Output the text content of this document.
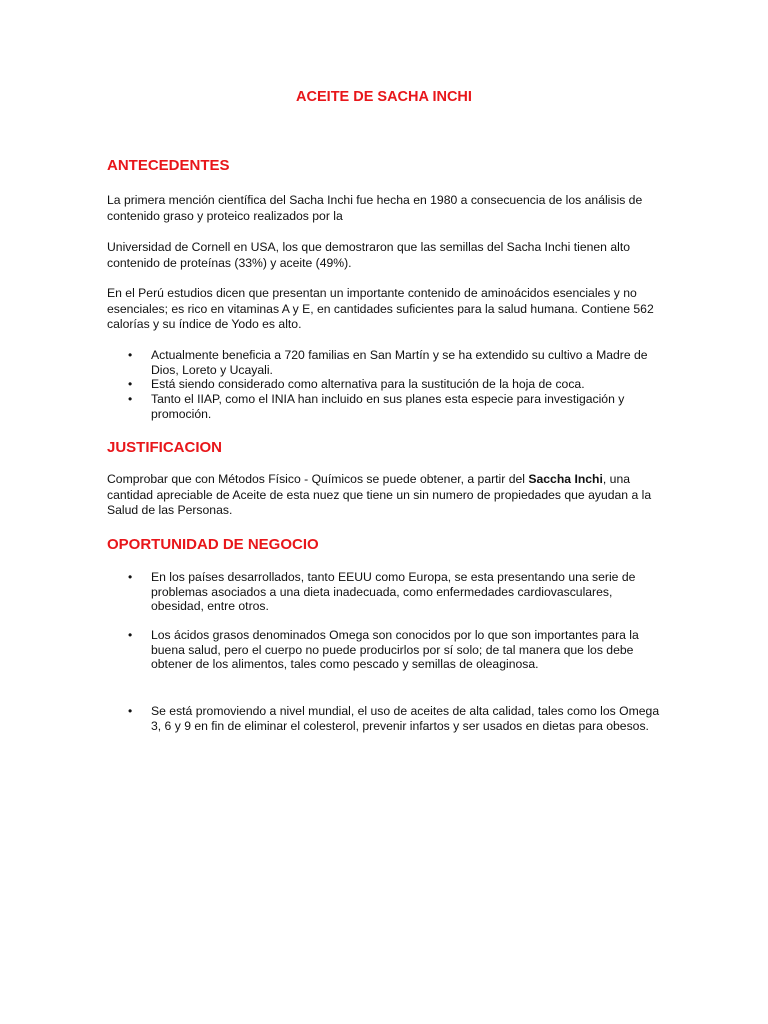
ACEITE DE SACHA INCHI
ANTECEDENTES

La primera mención científica del Sacha Inchi fue hecha en 1980 a consecuencia de los análisis de contenido graso y proteico realizados por la

Universidad de Cornell en USA, los que demostraron que las semillas del Sacha Inchi tienen alto contenido de proteínas (33%) y aceite (49%).

En el Perú estudios dicen que presentan un importante contenido de aminoácidos esenciales y no esenciales; es rico en vitaminas A y E, en cantidades suficientes para la salud humana. Contiene 562 calorías y su índice de Yodo es alto.

• Actualmente beneficia a 720 familias en San Martín y se ha extendido su cultivo a Madre de Dios, Loreto y Ucayali.

• Está siendo considerado como alternativa para la sustitución de la hoja de coca.

• Tanto el IIAP, como el INIA han incluido en sus planes esta especie para investigación y promoción.

JUSTIFICACION

Comprobar que con Métodos Físico - Químicos se puede obtener, a partir del Saccha Inchi, una cantidad apreciable de Aceite de esta nuez que tiene un sin numero de propiedades que ayudan a la Salud de las Personas.

OPORTUNIDAD DE NEGOCIO

• En los países desarrollados, tanto EEUU como Europa, se esta presentando una serie de problemas asociados a una dieta inadecuada, como enfermedades cardiovasculares, obesidad, entre otros.

• Los ácidos grasos denominados Omega son conocidos por lo que son importantes para la buena salud, pero el cuerpo no puede producirlos por sí solo; de tal manera que los debe obtener de los alimentos, tales como pescado y semillas de oleaginosa.

• Se está promoviendo a nivel mundial, el uso de aceites de alta calidad, tales como los Omega 3, 6 y 9 en fin de eliminar el colesterol, prevenir infartos y ser usados en dietas para obesos.
